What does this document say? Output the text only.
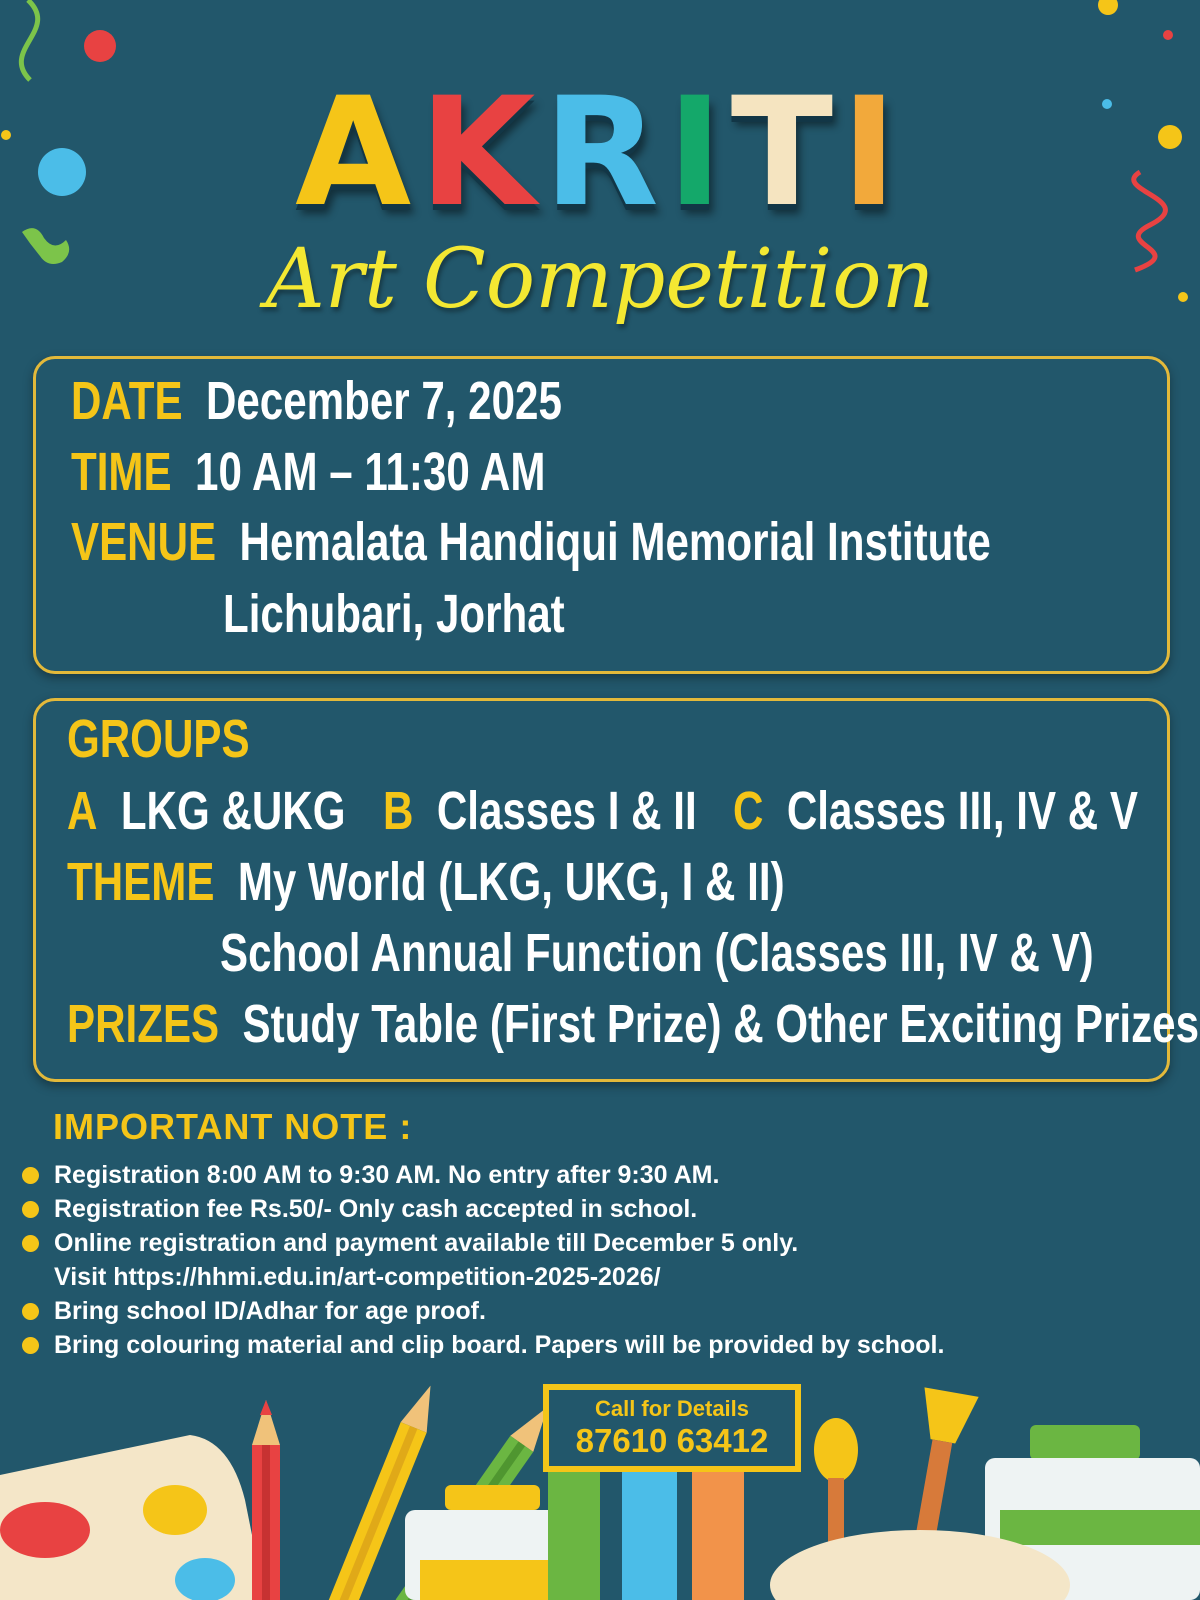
AKRITI
Art Competition
DATE December 7, 2025
TIME 10 AM – 11:30 AM
VENUE Hemalata Handiqui Memorial Institute
Lichubari, Jorhat
GROUPS
A LKG &UKG B Classes I & II C Classes III, IV & V
THEME My World (LKG, UKG, I & II)
School Annual Function (Classes III, IV & V)
PRIZES Study Table (First Prize) & Other Exciting Prizes
IMPORTANT NOTE :
Registration 8:00 AM to 9:30 AM. No entry after 9:30 AM.
Registration fee Rs.50/- Only cash accepted in school.
Online registration and payment available till December 5 only.
Visit https://hhmi.edu.in/art-competition-2025-2026/
Bring school ID/Adhar for age proof.
Bring colouring material and clip board. Papers will be provided by school.
Call for Details
87610 63412
